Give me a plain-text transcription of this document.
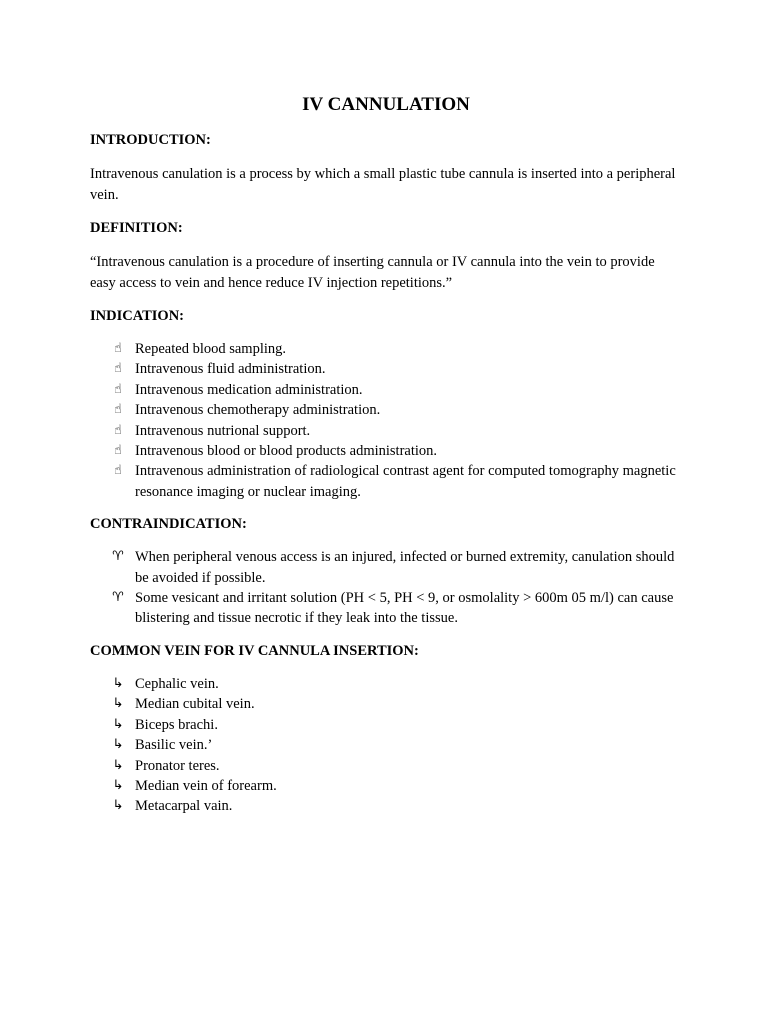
IV CANNULATION
INTRODUCTION:

Intravenous canulation is a process by which a small plastic tube cannula is inserted into a peripheral vein.

DEFINITION:

“Intravenous canulation is a procedure of inserting cannula or IV cannula into the vein to provide easy access to vein and hence reduce IV injection repetitions.”

INDICATION:
☝ Repeated blood sampling.
☝ Intravenous fluid administration.
☝ Intravenous medication administration.
☝ Intravenous chemotherapy administration.
☝ Intravenous nutrional support.
☝ Intravenous blood or blood products administration.
☝ Intravenous administration of radiological contrast agent for computed tomography magnetic resonance imaging or nuclear imaging.
CONTRAINDICATION:
♈ When peripheral venous access is an injured, infected or burned extremity, canulation should be avoided if possible.
♈ Some vesicant and irritant solution (PH < 5, PH < 9, or osmolality > 600m 05 m/l) can cause blistering and tissue necrotic if they leak into the tissue.
COMMON VEIN FOR IV CANNULA INSERTION:
↳ Cephalic vein.
↳ Median cubital vein.
↳ Biceps brachi.
↳ Basilic vein.’
↳ Pronator teres.
↳ Median vein of forearm.
↳ Metacarpal vain.
